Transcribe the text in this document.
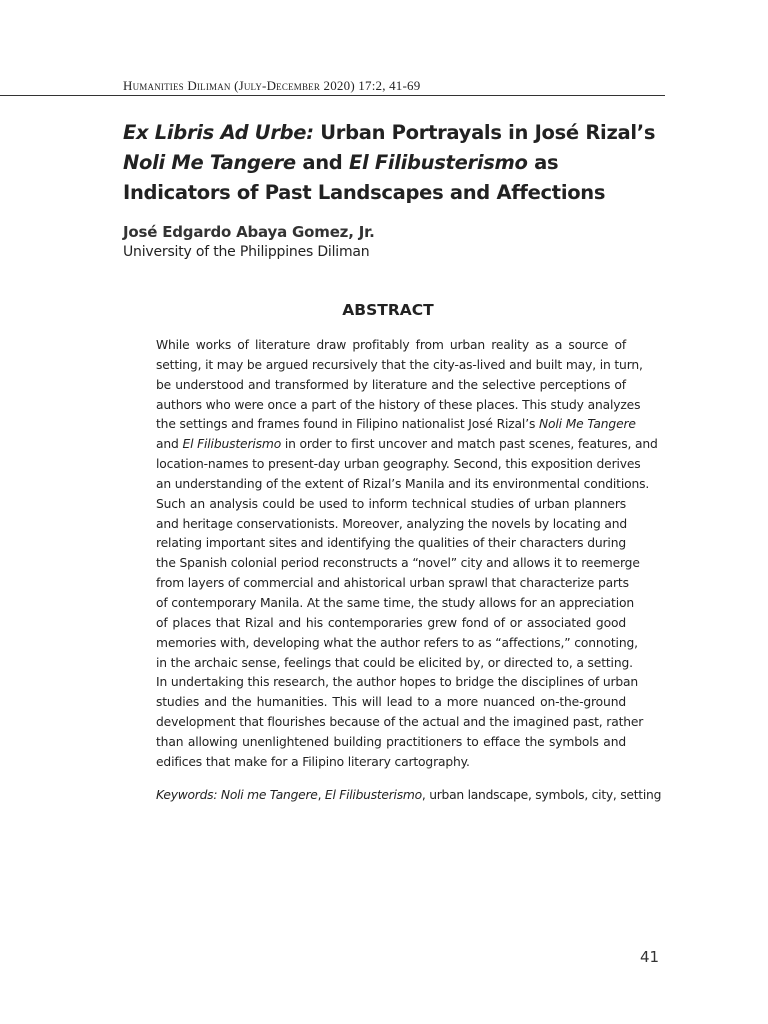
Humanities Diliman (July-December 2020) 17:2, 41-69
Ex Libris Ad Urbe: Urban Portrayals in José Rizal’s
Noli Me Tangere and El Filibusterismo as Indicators of Past Landscapes and Affections
José Edgardo Abaya Gomez, Jr.
University of the Philippines Diliman
ABSTRACT

While works of literature draw profitably from urban reality as a source of
setting, it may be argued recursively that the city-as-lived and built may, in turn,
be understood and transformed by literature and the selective perceptions of
authors who were once a part of the history of these places. This study analyzes
the settings and frames found in Filipino nationalist José Rizal’s Noli Me Tangere
and El Filibusterismo in order to first uncover and match past scenes, features, and
location-names to present-day urban geography. Second, this exposition derives
an understanding of the extent of Rizal’s Manila and its environmental conditions.
Such an analysis could be used to inform technical studies of urban planners
and heritage conservationists. Moreover, analyzing the novels by locating and
relating important sites and identifying the qualities of their characters during
the Spanish colonial period reconstructs a “novel” city and allows it to reemerge
from layers of commercial and ahistorical urban sprawl that characterize parts
of contemporary Manila. At the same time, the study allows for an appreciation
of places that Rizal and his contemporaries grew fond of or associated good
memories with, developing what the author refers to as “affections,” connoting,
in the archaic sense, feelings that could be elicited by, or directed to, a setting.
In undertaking this research, the author hopes to bridge the disciplines of urban
studies and the humanities. This will lead to a more nuanced on-the-ground
development that flourishes because of the actual and the imagined past, rather
than allowing unenlightened building practitioners to efface the symbols and
edifices that make for a Filipino literary cartography.

Keywords: Noli me Tangere, El Filibusterismo, urban landscape, symbols, city, setting
41
